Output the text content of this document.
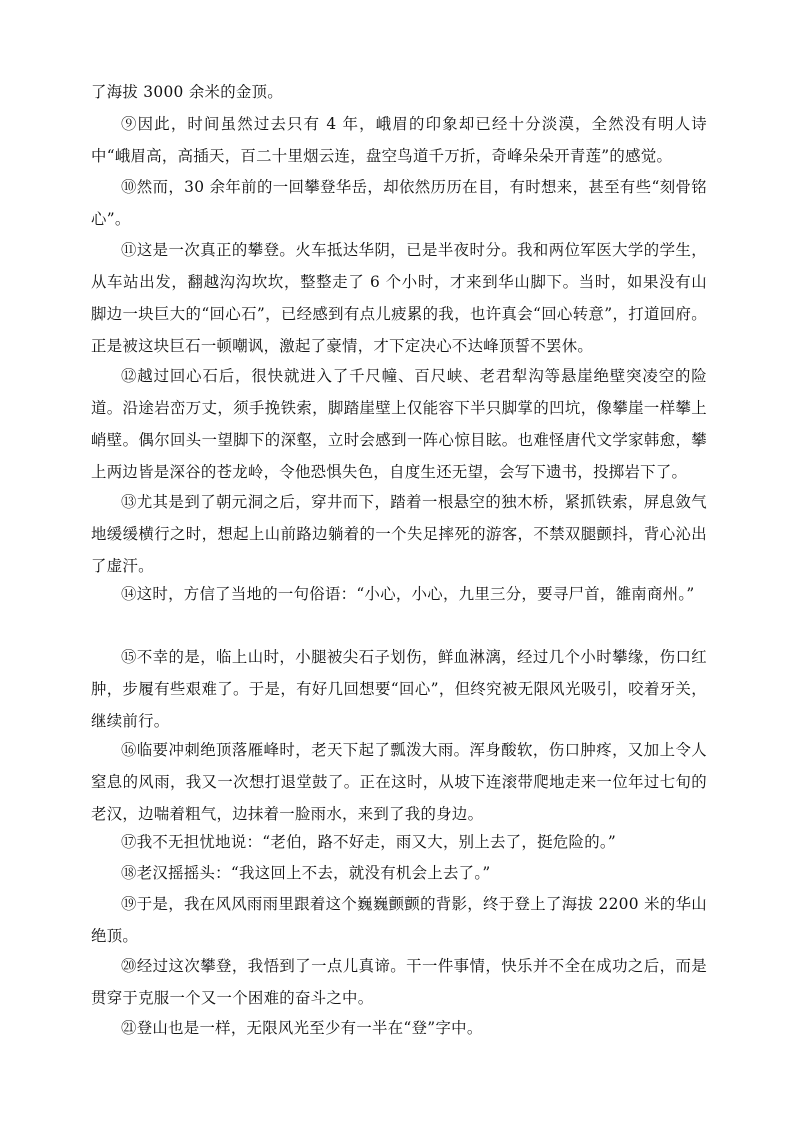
了海拔 3000 余米的金顶。

⑨因此，时间虽然过去只有 4 年，峨眉的印象却已经十分淡漠，全然没有明人诗中“峨眉高，高插天，百二十里烟云连，盘空鸟道千万折，奇峰朵朵开青莲”的感觉。

⑩然而，30 余年前的一回攀登华岳，却依然历历在目，有时想来，甚至有些“刻骨铭心”。

⑪这是一次真正的攀登。火车抵达华阴，已是半夜时分。我和两位军医大学的学生，从车站出发，翻越沟沟坎坎，整整走了 6 个小时，才来到华山脚下。当时，如果没有山脚边一块巨大的“回心石”，已经感到有点儿疲累的我，也许真会“回心转意”，打道回府。正是被这块巨石一顿嘲讽，激起了豪情，才下定决心不达峰顶誓不罢休。

⑫越过回心石后，很快就进入了千尺幢、百尺峡、老君犁沟等悬崖绝壁突凌空的险道。沿途岩峦万丈，须手挽铁索，脚踏崖壁上仅能容下半只脚掌的凹坑，像攀崖一样攀上峭壁。偶尔回头一望脚下的深壑，立时会感到一阵心惊目眩。也难怪唐代文学家韩愈，攀上两边皆是深谷的苍龙岭，令他恐惧失色，自度生还无望，会写下遗书，投掷岩下了。

⑬尤其是到了朝元洞之后，穿井而下，踏着一根悬空的独木桥，紧抓铁索，屏息敛气地缓缓横行之时，想起上山前路边躺着的一个失足摔死的游客，不禁双腿颤抖，背心沁出了虚汗。

⑭这时，方信了当地的一句俗语：“小心，小心，九里三分，要寻尸首，雒南商州。”

⑮不幸的是，临上山时，小腿被尖石子划伤，鲜血淋漓，经过几个小时攀缘，伤口红肿，步履有些艰难了。于是，有好几回想要“回心”，但终究被无限风光吸引，咬着牙关，继续前行。

⑯临要冲刺绝顶落雁峰时，老天下起了瓢泼大雨。浑身酸软，伤口肿疼，又加上令人窒息的风雨，我又一次想打退堂鼓了。正在这时，从坡下连滚带爬地走来一位年过七旬的老汉，边喘着粗气，边抹着一脸雨水，来到了我的身边。

⑰我不无担忧地说：“老伯，路不好走，雨又大，别上去了，挺危险的。”

⑱老汉摇摇头：“我这回上不去，就没有机会上去了。”

⑲于是，我在风风雨雨里跟着这个巍巍颤颤的背影，终于登上了海拔 2200 米的华山绝顶。

⑳经过这次攀登，我悟到了一点儿真谛。干一件事情，快乐并不全在成功之后，而是贯穿于克服一个又一个困难的奋斗之中。

㉑登山也是一样，无限风光至少有一半在“登”字中。
